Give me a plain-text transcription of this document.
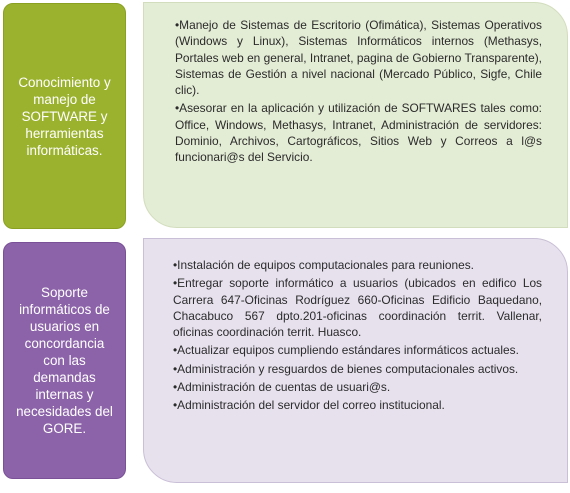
Conocimiento y
manejo de
SOFTWARE y
herramientas
informáticas.
•

Manejo de Sistemas de Escritorio (Ofimática), Sistemas Operativos (Windows y Linux), Sistemas Informáticos internos (Methasys, Portales web en general, Intranet, pagina de Gobierno Transparente), Sistemas de Gestión a nivel nacional (Mercado Público, Sigfe, Chile clic).

•

Asesorar en la aplicación y utilización de SOFTWARES tales como: Office, Windows, Methasys, Intranet, Administración de servidores: Dominio, Archivos, Cartográficos, Sitios Web y Correos a l@s funcionari@s del Servicio.

Soporte
informáticos de
usuarios en
concordancia
con las
demandas
internas y
necesidades del
GORE.
•

Instalación de equipos computacionales para reuniones.

•

Entregar soporte informático a usuarios (ubicados en edifico Los Carrera 647-Oficinas Rodríguez 660-Oficinas Edificio Baquedano, Chacabuco 567 dpto.201-oficinas coordinación territ. Vallenar, oficinas coordinación territ. Huasco.

•

Actualizar equipos cumpliendo estándares informáticos actuales.

•

Administración y resguardos de bienes computacionales activos.

•

Administración de cuentas de usuari@s.

•

Administración del servidor del correo institucional.
